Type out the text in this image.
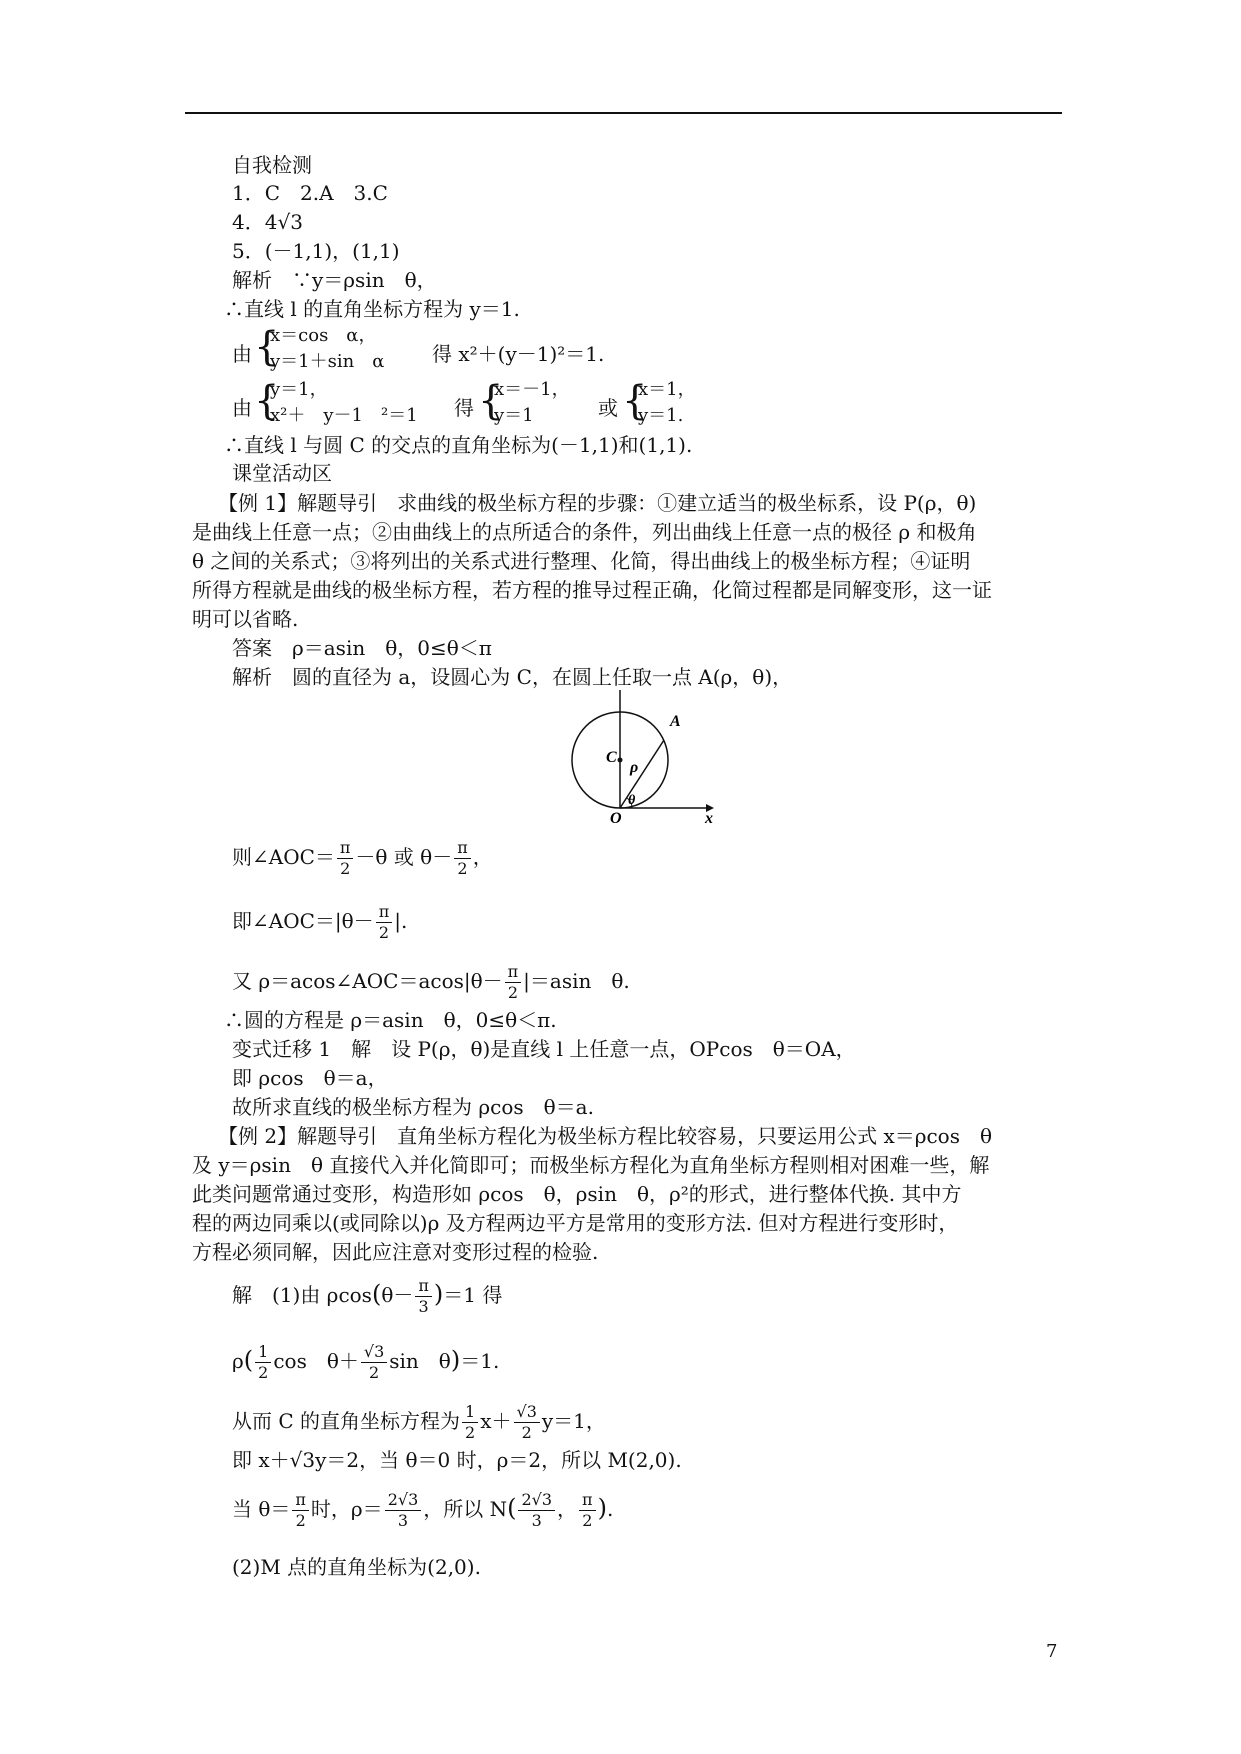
自我检测
1．C　2.A　3.C
4．4√3
5．(－1,1)，(1,1)
解析　∵y＝ρsin　θ，
∴直线 l 的直角坐标方程为 y＝1.
由 {
x＝cos　α，
y＝1＋sin　α 得 x²＋(y－1)²＝1.
由 {
y＝1，
x²＋　y－1　²＝1 得 {
x＝－1，
y＝1	或 {
x＝1，
y＝1.
∴直线 l 与圆 C 的交点的直角坐标为(－1,1)和(1,1).
课堂活动区
【例 1】解题导引　求曲线的极坐标方程的步骤：①建立适当的极坐标系，设 P(ρ，θ)
是曲线上任意一点；②由曲线上的点所适合的条件，列出曲线上任意一点的极径 ρ 和极角
θ 之间的关系式；③将列出的关系式进行整理、化简，得出曲线上的极坐标方程；④证明
所得方程就是曲线的极坐标方程，若方程的推导过程正确，化简过程都是同解变形，这一证
明可以省略.
答案　ρ＝asin　θ，0≤θ＜π
解析　圆的直径为 a，设圆心为 C，在圆上任取一点 A(ρ，θ)，
A
C
ρ
θ
O	x
则∠AOC＝ $\frac{\pi}{2} -\theta$ 或 $\theta- \frac{\pi}{2}$ ，
即∠AOC＝|θ－ $\frac{\pi}{2}$ |.
又 ρ＝acos∠AOC＝acos|θ－ $\frac{\pi}{2} |=asin$　θ.
∴圆的方程是 ρ＝asin　θ，0≤θ＜π.
变式迁移 1　解　设 P(ρ，θ)是直线 l 上任意一点，OPcos　θ＝OA，
即 ρcos　θ＝a，
故所求直线的极坐标方程为 ρcos　θ＝a.
【例 2】解题导引　直角坐标方程化为极坐标方程比较容易，只要运用公式 x＝ρcos　θ
及 y＝ρsin　θ 直接代入并化简即可；而极坐标方程化为直角坐标方程则相对困难一些，解
此类问题常通过变形，构造形如 ρcos　θ，ρsin　θ，ρ²的形式，进行整体代换. 其中方
程的两边同乘以(或同除以)ρ 及方程两边平方是常用的变形方法. 但对方程进行变形时，
方程必须同解，因此应注意对变形过程的检验.
解　(1)由 $\rho\cos(\theta- \frac{\pi}{3} )=1$ 得
$\rho( \frac{1}{2}$ cos　$\theta+ \frac{√3}{2}$ sin　θ)＝1.
从而 C 的直角坐标方程为 $\frac{1}{2} x+ \frac{√3}{2} y=1$，
即 x＋√3y＝2，当 θ＝0 时，ρ＝2，所以 M(2,0).
当 $\theta= \frac{\pi}{2}$ 时，$\rho= \frac{2√3}{3}$ ，所以 $N( \frac{2√3}{3}$ ， $\frac{\pi}{2}$ ).
(2)M 点的直角坐标为(2,0).
7
